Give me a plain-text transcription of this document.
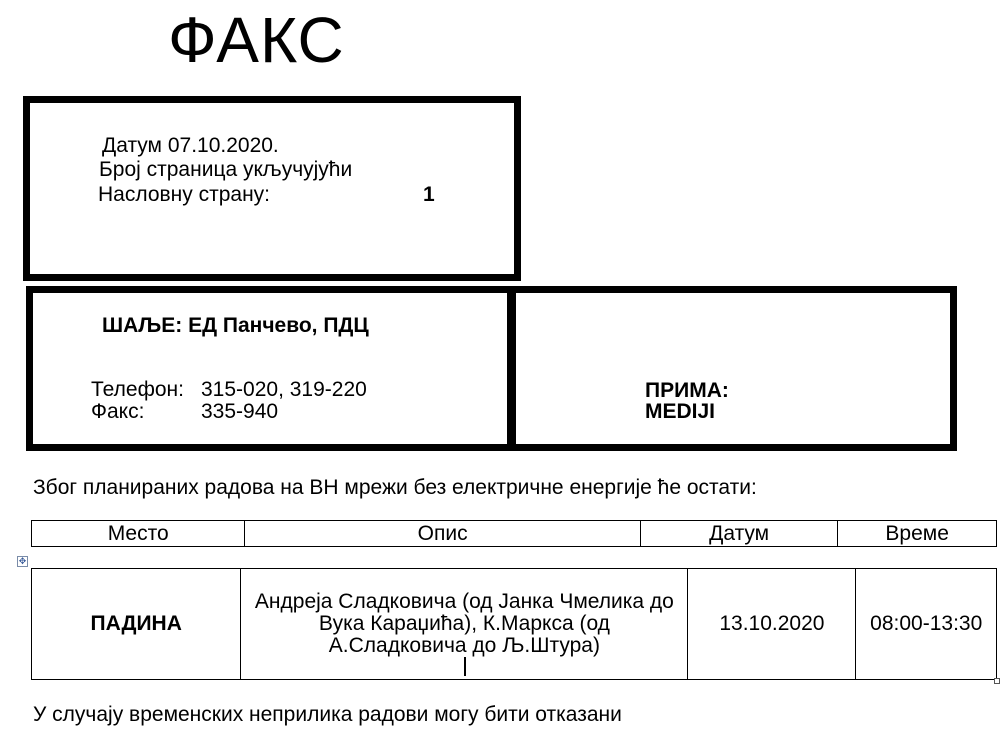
ФАКС
Датум 07.10.2020.
Број страница укључујући
Насловну страну:	1
ШАЉЕ: ЕД Панчево, ПДЦ
Телефон: 315-020, 319-220
Факс:	335-940
ПРИМА:
MEDIJI
Због планираних радова на ВН мрежи без електричне енергије ће остати:
Место	Опис	Датум	Време
✥
ПАДИНА	Андреја Сладковича (од Јанка Чмелика до Вука Караџића), К.Маркса (од А.Сладковича до Љ.Штура)	13.10.2020	08:00-13:30
У случају временских неприлика радови могу бити отказани
